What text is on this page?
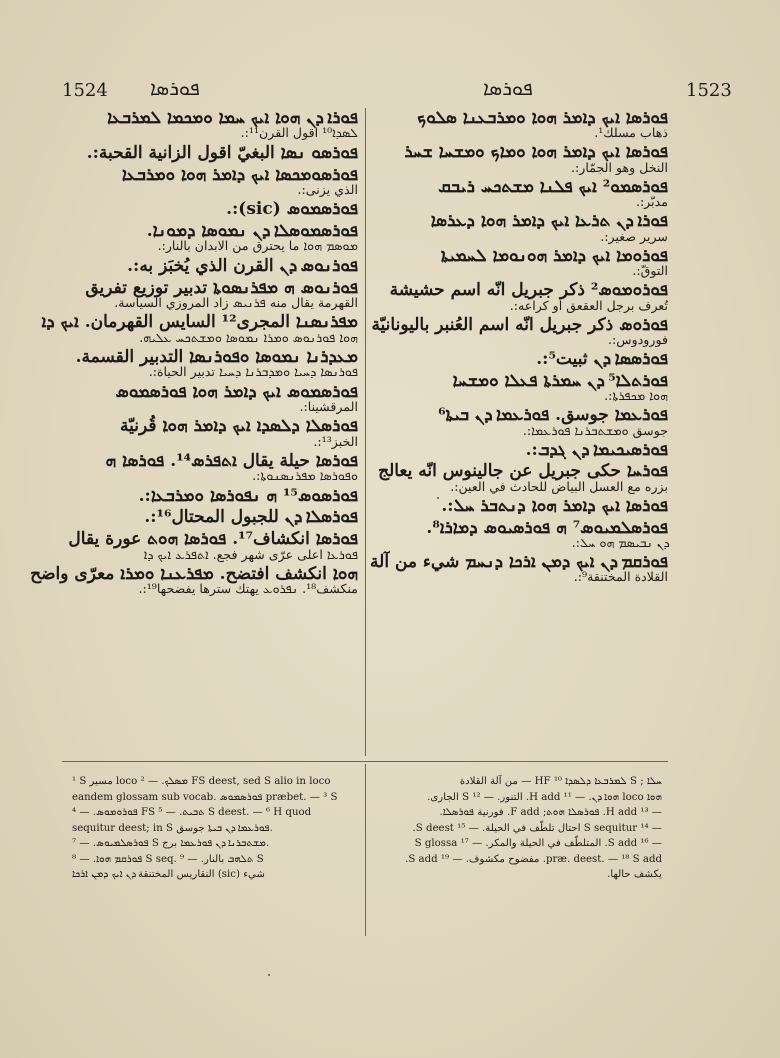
1524 ܦܘܪܣܐ	ܦܘܪܣܐ	1523
ܦܘܪܐ ܕܢ ܗܘܐ ܐܝܟ ܚܡܐ ܘܡܟܡܐ ܠܡܪܒܥܐ
ܠܣܕܐ¹⁰ اقول القرن¹¹:.
ܦܘܪܣܘ ܢܣܐ البغيّ اقول الزانية القحبة:.
ܦܘܪܣܘܡܟܣܐ ܐܝܟ ܕܐܡܪ ܗܘܐ ܘܡܪܒܥܐ
الذي يزنى:.
ܦܘܪܣܡܘܣ (sic):.
ܦܘܪܣܡܘܣܠܐ ܕܢ ܢܡܘܣܐ ܕܡܘܢܐ.
ܡܘܣܡ ܗܘܐ ما يحترق من الابدان بالنار:.
ܦܘܪܢܘܣ ܕܢ القرن الذي يُخبَز به:.
ܦܘܪܢܘܣ ܗ ܡܦܪܢܣܘܬܐ تدبير توزيع تفريق
القهرمة يقال منه ܦܪܢܝܣ زاد المروزي السياسة.
ܡܦܪܢܣܢܐ المجرى¹² السايس القهرمان. ܐܝܟ ܕܐ
ܗܘܐ ܦܘܪܢܘܣ ܘܡܪܐ ܢܡܘܣܐ ܘܡܫܬܟܚ ܥܠܝܗ.
ܡܥܕܪܢܐ ܢܡܘܣܐ ܘܦܘܪܢܣܐ التدبير القسمة.
ܦܘܪܢܣܐ ܕܚܝܐ ܘܡܕܒܪܢܐ ܕܚܝܐ تدبير الحياة:.
ܦܘܪܣܡܘܣ ܐܝܟ ܕܐܡܪ ܗܘܐ ܦܘܪܣܡܘܣ
المرقشينا:.
ܦܘܪܣܠܐ ܕܠܣܕܐ ܐܝܟ ܕܐܡܪ ܗܘܐ قُرنيّة
الخبز¹³:.
ܦܘܪܣܐ حيلة يقال ܐܬܦܪܣ¹⁴. ܦܘܪܣܐ ܗ
ܘܦܘܪܣܐ ܡܦܪܢܣܢܘܬܐ:.
ܦܘܪܣܘܣ¹⁵ ܗ ܢܦܘܪܣܐ ܘܡܪܒܥܐ:.
ܦܘܪܣܠܐ ܕܢ للجبول المحتال¹⁶:.
ܦܘܪܣܐ انكشاف¹⁷. ܦܘܪܣܐ ܗܘܬ عورة يقال
ܦܘܪܥܐ اعلى عرّى شهر فجع. ܐܬܦܪܥ ܐܝܟ ܕܐ
ܗܘܐ انكشف افتضح. ܡܦܪܥܢܐ ܘܡܪܐ معرّى واضح
منكشف¹⁸. ܢܦܪܘܥ يهتك سترها يفضحها¹⁹:.
ܦܘܪܣܐ ܐܝܟ ܕܐܡܪ ܗܘܐ ܘܡܪܒܥܢܐ ܣܠܘܟ
ذهاب مسلك¹.
ܦܘܪܣܐ ܐܝܟ ܕܐܡܪ ܗܘܐ ܘܡܐܟ ܘܡܫܚܐ ܫܚܪ
النخل وهو الجمّار:.
ܦܘܪܣܡܘ² ܐܝܟ ܦܠܢܐ ܡܫܬܟܚ ܪܝܒܩ
مدبّر:.
ܦܘܪܐ ܕܢ ܬܪܥܐ ܐܝܟ ܕܐܡܪ ܗܘܐ ܕܥܪܣܐ
سرير صغير:.
ܦܘܪܘܡܐ ܐܝܟ ܕܐܡܪ ܗܘܢܘܡܐ ܠܚܡܝܬܐ
التوقّ:.
ܦܘܪܘܡܘܣ² ذكر جبريل انّه اسم حشيشة
تُعرف برجل العقعق او كراعه:.
ܦܘܪܘܣ ذكر جبريل انّه اسم العُنبر باليونانيّة
فورودوس:.
ܦܘܪܣܣܐ ܕܢ ثبيت⁵:.
ܦܘܪܬܠܐ⁵ ܕܢ ܚܡܪܬܐ ܦܥܠܐ ܘܡܫܚܐ
ܗܘܐ ܡܟܦܪܬܐ:.
ܦܘܪܥܡܐ جوسق. ܦܘܪܥܡܐ ܕܢ ܒܝܬܐ⁶
جوسق ܘܡܫܬܒܪܢܐ ܦܘܪܥܡܐ:.
ܦܘܪܣܝܟܝܡܐ ܕܢ ܓܕܒ:.
ܦܘܪܚܐ حكى جبريل عن جالينوس انّه يعالج
بزره مع العسل البياض للحادث في العين:.
ܦܘܪܣܐ ܐܝܟ ܕܐܡܪ ܗܘܐ ܕܢܬܒܪ ܚܠ:.
ܦܘܪܣܠܡܝܘܣ⁷ ܗ ܦܘܪܣܝܘܣ ܕܡܐܪܐ⁸.
ܕܢ ܢܒܝܣܡ ܗܘ ܚܠ:.
ܦܘܪܩܡ ܕܢ ܐܝܟ ܕܡܢ ܐܪܟܐ ܕܢܚܡ شيء من آلة
القلادة المختنقة⁹:.
¹ S مسير loco ܡܣܠܟ. — ² FS deest, sed S alio in loco
eandem glossam sub vocab. ܦܘܪܣܡܘܣ præbet. — ³ S
ܦܘܪܘܡܘܣ. — ⁴ FS ܬܒܝܬ. — ⁵ S deest. — ⁶ H quod
sequitur deest; in S ܦܘܪܥܡܐ ܕܢ ܒܝܬܐ جوسق.
ܦܘܪܣܠܡܝܘܣ. — ⁷ S ܡܫܬܒܪܢܐ ܕܢ ܦܘܪܥܡܐ برج.
ܦܘܪܩܡ ܗܘܐ. — ⁸ S seq. ܬܠܗܒ بالنار. — ⁹ S
النقاريس المختنقة ܕܢ ܐܝܟ ܕܡܢ ܐܪܟܐ (sic) شيء
ܚܠܐ ; S ܠܡܪܒܥܐ ܕܠܣܕܐ HF ¹⁰ — من آلة القلادة
ܗܘܐ loco ܗܘܐ ܕܢ. — ¹¹ H add. التنور. — ¹² S الجارى.
— ¹³ H add. ܦܘܪܣܠܐ ܗܘܬ; F add. فورنية ܦܘܪܣܠܐ.
— ¹⁴ S sequitur احتال تلطّف في الحيلة. — ¹⁵ S deest.
— ¹⁶ S add. المتلطّف في الحيلة والمكر. — ¹⁷ S glossa
præ. deest. — ¹⁸ S add. مفضوح مكشوف. — ¹⁹ S add.
يكشف حالها.
